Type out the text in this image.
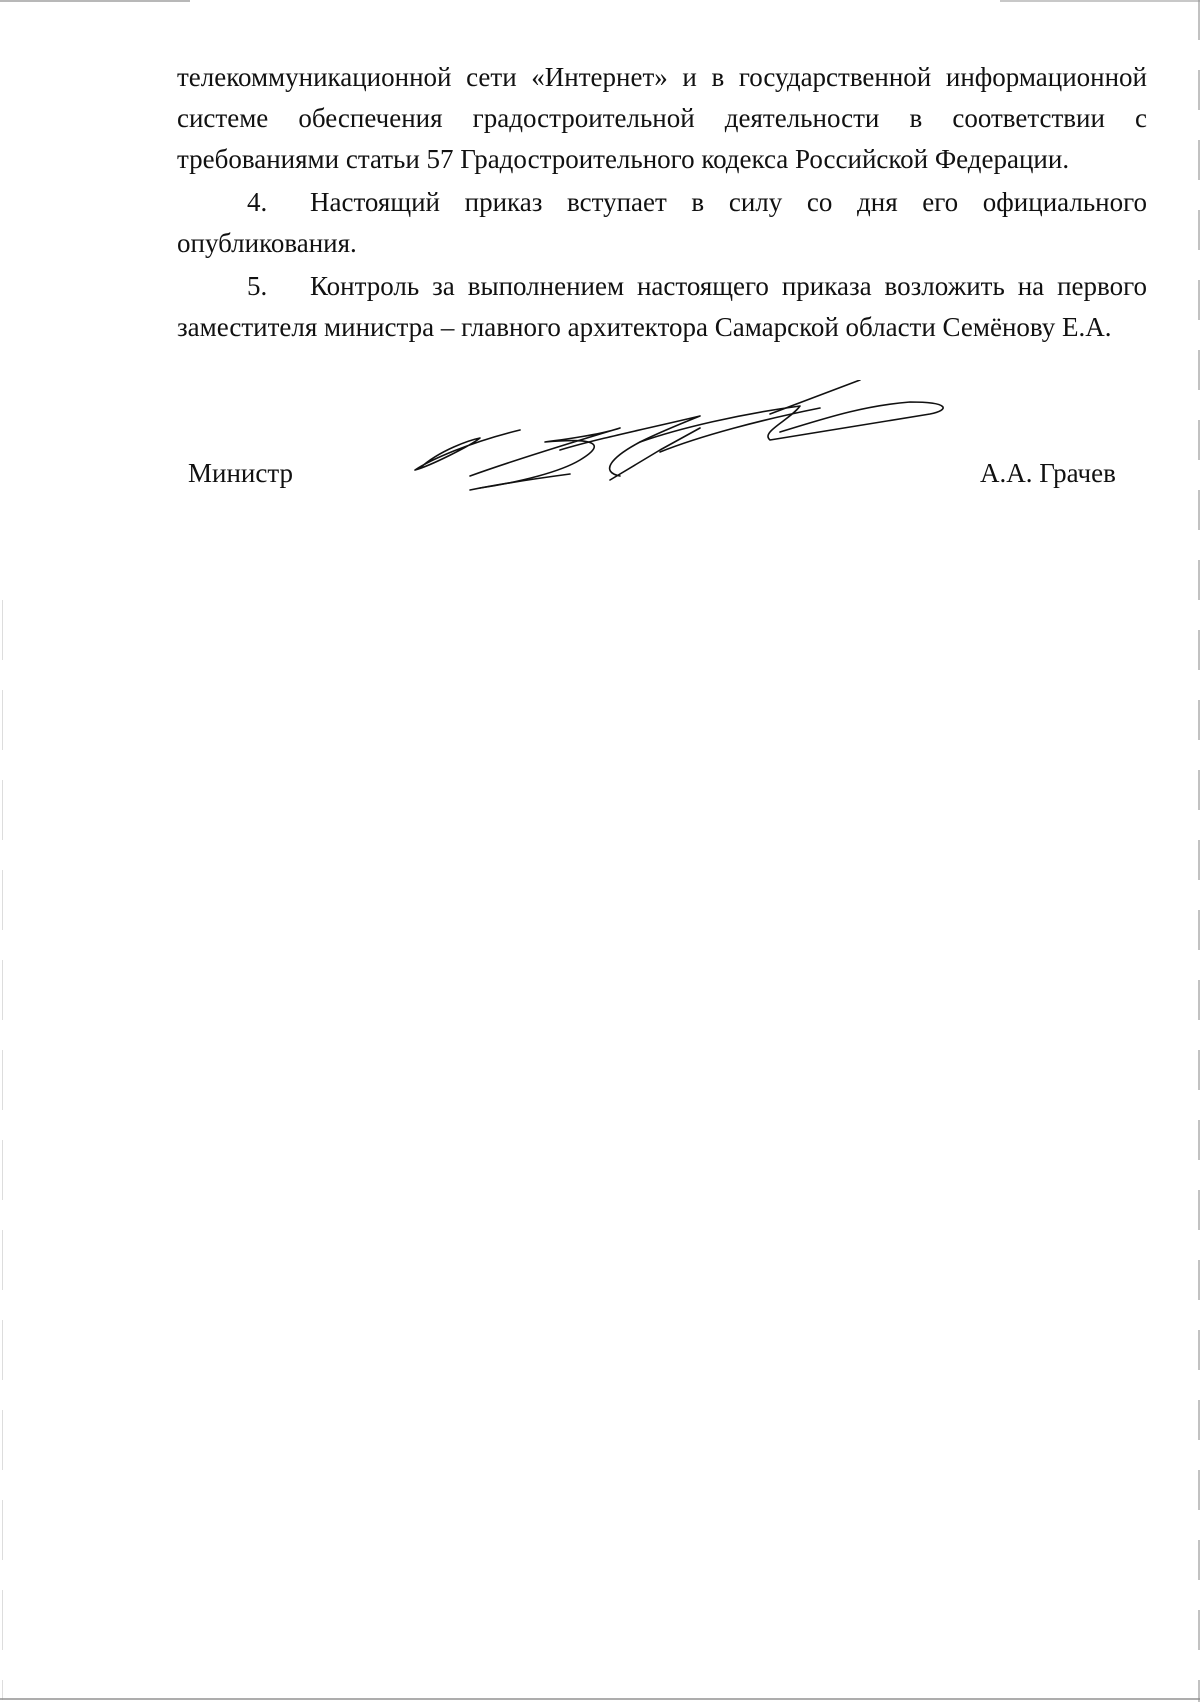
телекоммуникационной сети «Интернет» и в государственной информационной системе обеспечения градостроительной деятельности в соответствии с требованиями статьи 57 Градостроительного кодекса Российской Федерации.

4. Настоящий приказ вступает в силу со дня его официального опубликования.

5. Контроль за выполнением настоящего приказа возложить на первого заместителя министра – главного архитектора Самарской области Семёнову Е.А.

Министр	А.А. Грачев
